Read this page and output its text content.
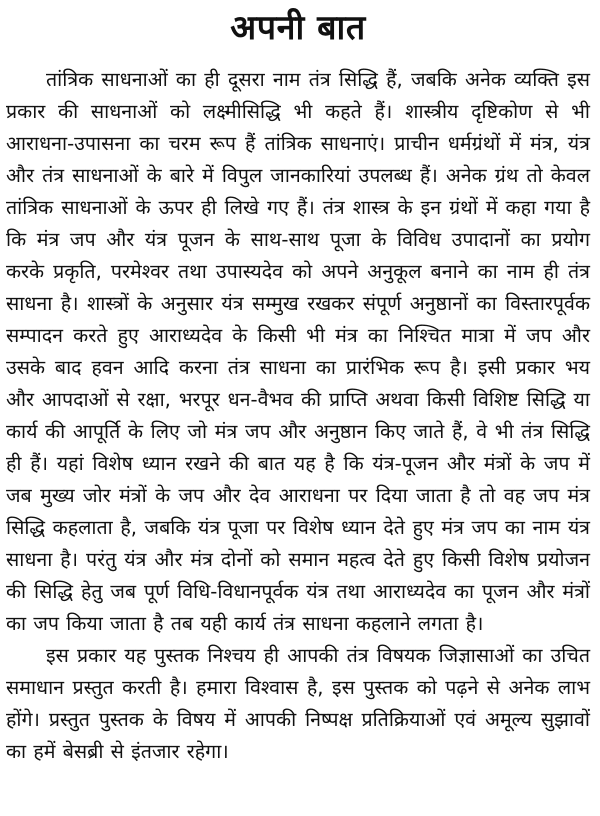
अपनी बात

तांत्रिक साधनाओं का ही दूसरा नाम तंत्र सिद्धि हैं, जबकि अनेक व्यक्ति इस प्रकार की साधनाओं को लक्ष्मीसिद्धि भी कहते हैं। शास्त्रीय दृष्टिकोण से भी आराधना-उपासना का चरम रूप हैं तांत्रिक साधनाएं। प्राचीन धर्मग्रंथों में मंत्र, यंत्र और तंत्र साधनाओं के बारे में विपुल जानकारियां उपलब्ध हैं। अनेक ग्रंथ तो केवल तांत्रिक साधनाओं के ऊपर ही लिखे गए हैं। तंत्र शास्त्र के इन ग्रंथों में कहा गया है कि मंत्र जप और यंत्र पूजन के साथ-साथ पूजा के विविध उपादानों का प्रयोग करके प्रकृति, परमेश्वर तथा उपास्यदेव को अपने अनुकूल बनाने का नाम ही तंत्र साधना है। शास्त्रों के अनुसार यंत्र सम्मुख रखकर संपूर्ण अनुष्ठानों का विस्तारपूर्वक सम्पादन करते हुए आराध्यदेव के किसी भी मंत्र का निश्चित मात्रा में जप और उसके बाद हवन आदि करना तंत्र साधना का प्रारंभिक रूप है। इसी प्रकार भय और आपदाओं से रक्षा, भरपूर धन-वैभव की प्राप्ति अथवा किसी विशिष्ट सिद्धि या कार्य की आपूर्ति के लिए जो मंत्र जप और अनुष्ठान किए जाते हैं, वे भी तंत्र सिद्धि ही हैं। यहां विशेष ध्यान रखने की बात यह है कि यंत्र-पूजन और मंत्रों के जप में जब मुख्य जोर मंत्रों के जप और देव आराधना पर दिया जाता है तो वह जप मंत्र सिद्धि कहलाता है, जबकि यंत्र पूजा पर विशेष ध्यान देते हुए मंत्र जप का नाम यंत्र साधना है। परंतु यंत्र और मंत्र दोनों को समान महत्व देते हुए किसी विशेष प्रयोजन की सिद्धि हेतु जब पूर्ण विधि-विधानपूर्वक यंत्र तथा आराध्यदेव का पूजन और मंत्रों का जप किया जाता है तब यही कार्य तंत्र साधना कहलाने लगता है।

इस प्रकार यह पुस्तक निश्चय ही आपकी तंत्र विषयक जिज्ञासाओं का उचित समाधान प्रस्तुत करती है। हमारा विश्वास है, इस पुस्तक को पढ़ने से अनेक लाभ होंगे। प्रस्तुत पुस्तक के विषय में आपकी निष्पक्ष प्रतिक्रियाओं एवं अमूल्य सुझावों का हमें बेसब्री से इंतजार रहेगा।
